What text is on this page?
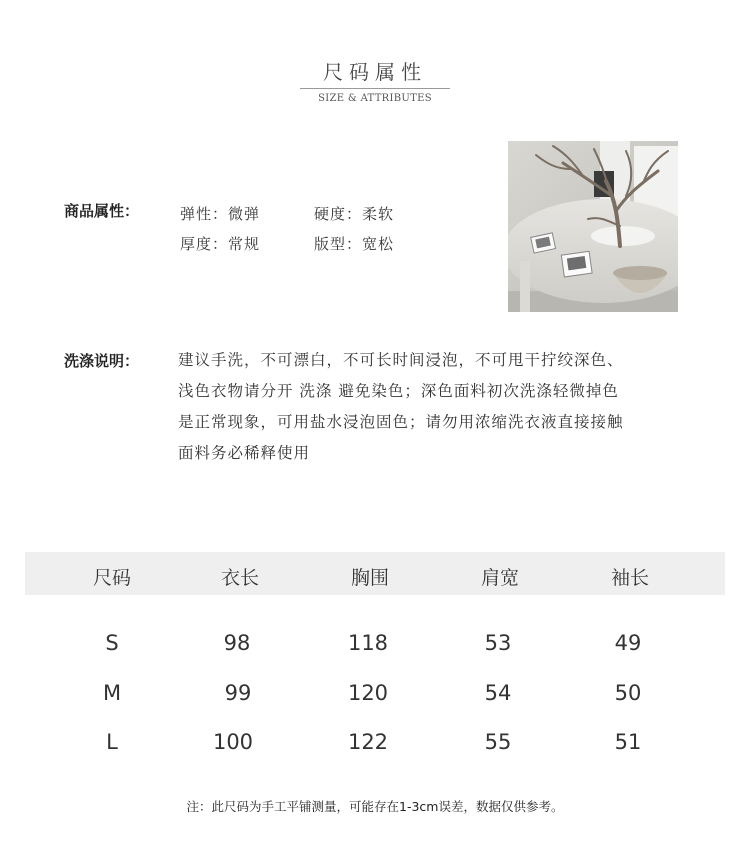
尺码属性
SIZE & ATTRIBUTES
商品属性：	弹性：微弹	硬度：柔软
厚度：常规	版型：宽松
洗涤说明：	建议手洗，不可漂白，不可长时间浸泡，不可甩干拧绞深色、
浅色衣物请分开 洗涤 避免染色；深色面料初次洗涤轻微掉色
是正常现象，可用盐水浸泡固色；请勿用浓缩洗衣液直接接触
面料务必稀释使用
尺码	衣长	胸围	肩宽	袖长
S	98	118	53	49
M	99	120	54	50
L	100	122	55	51
注：此尺码为手工平铺测量，可能存在1-3cm误差，数据仅供参考。
